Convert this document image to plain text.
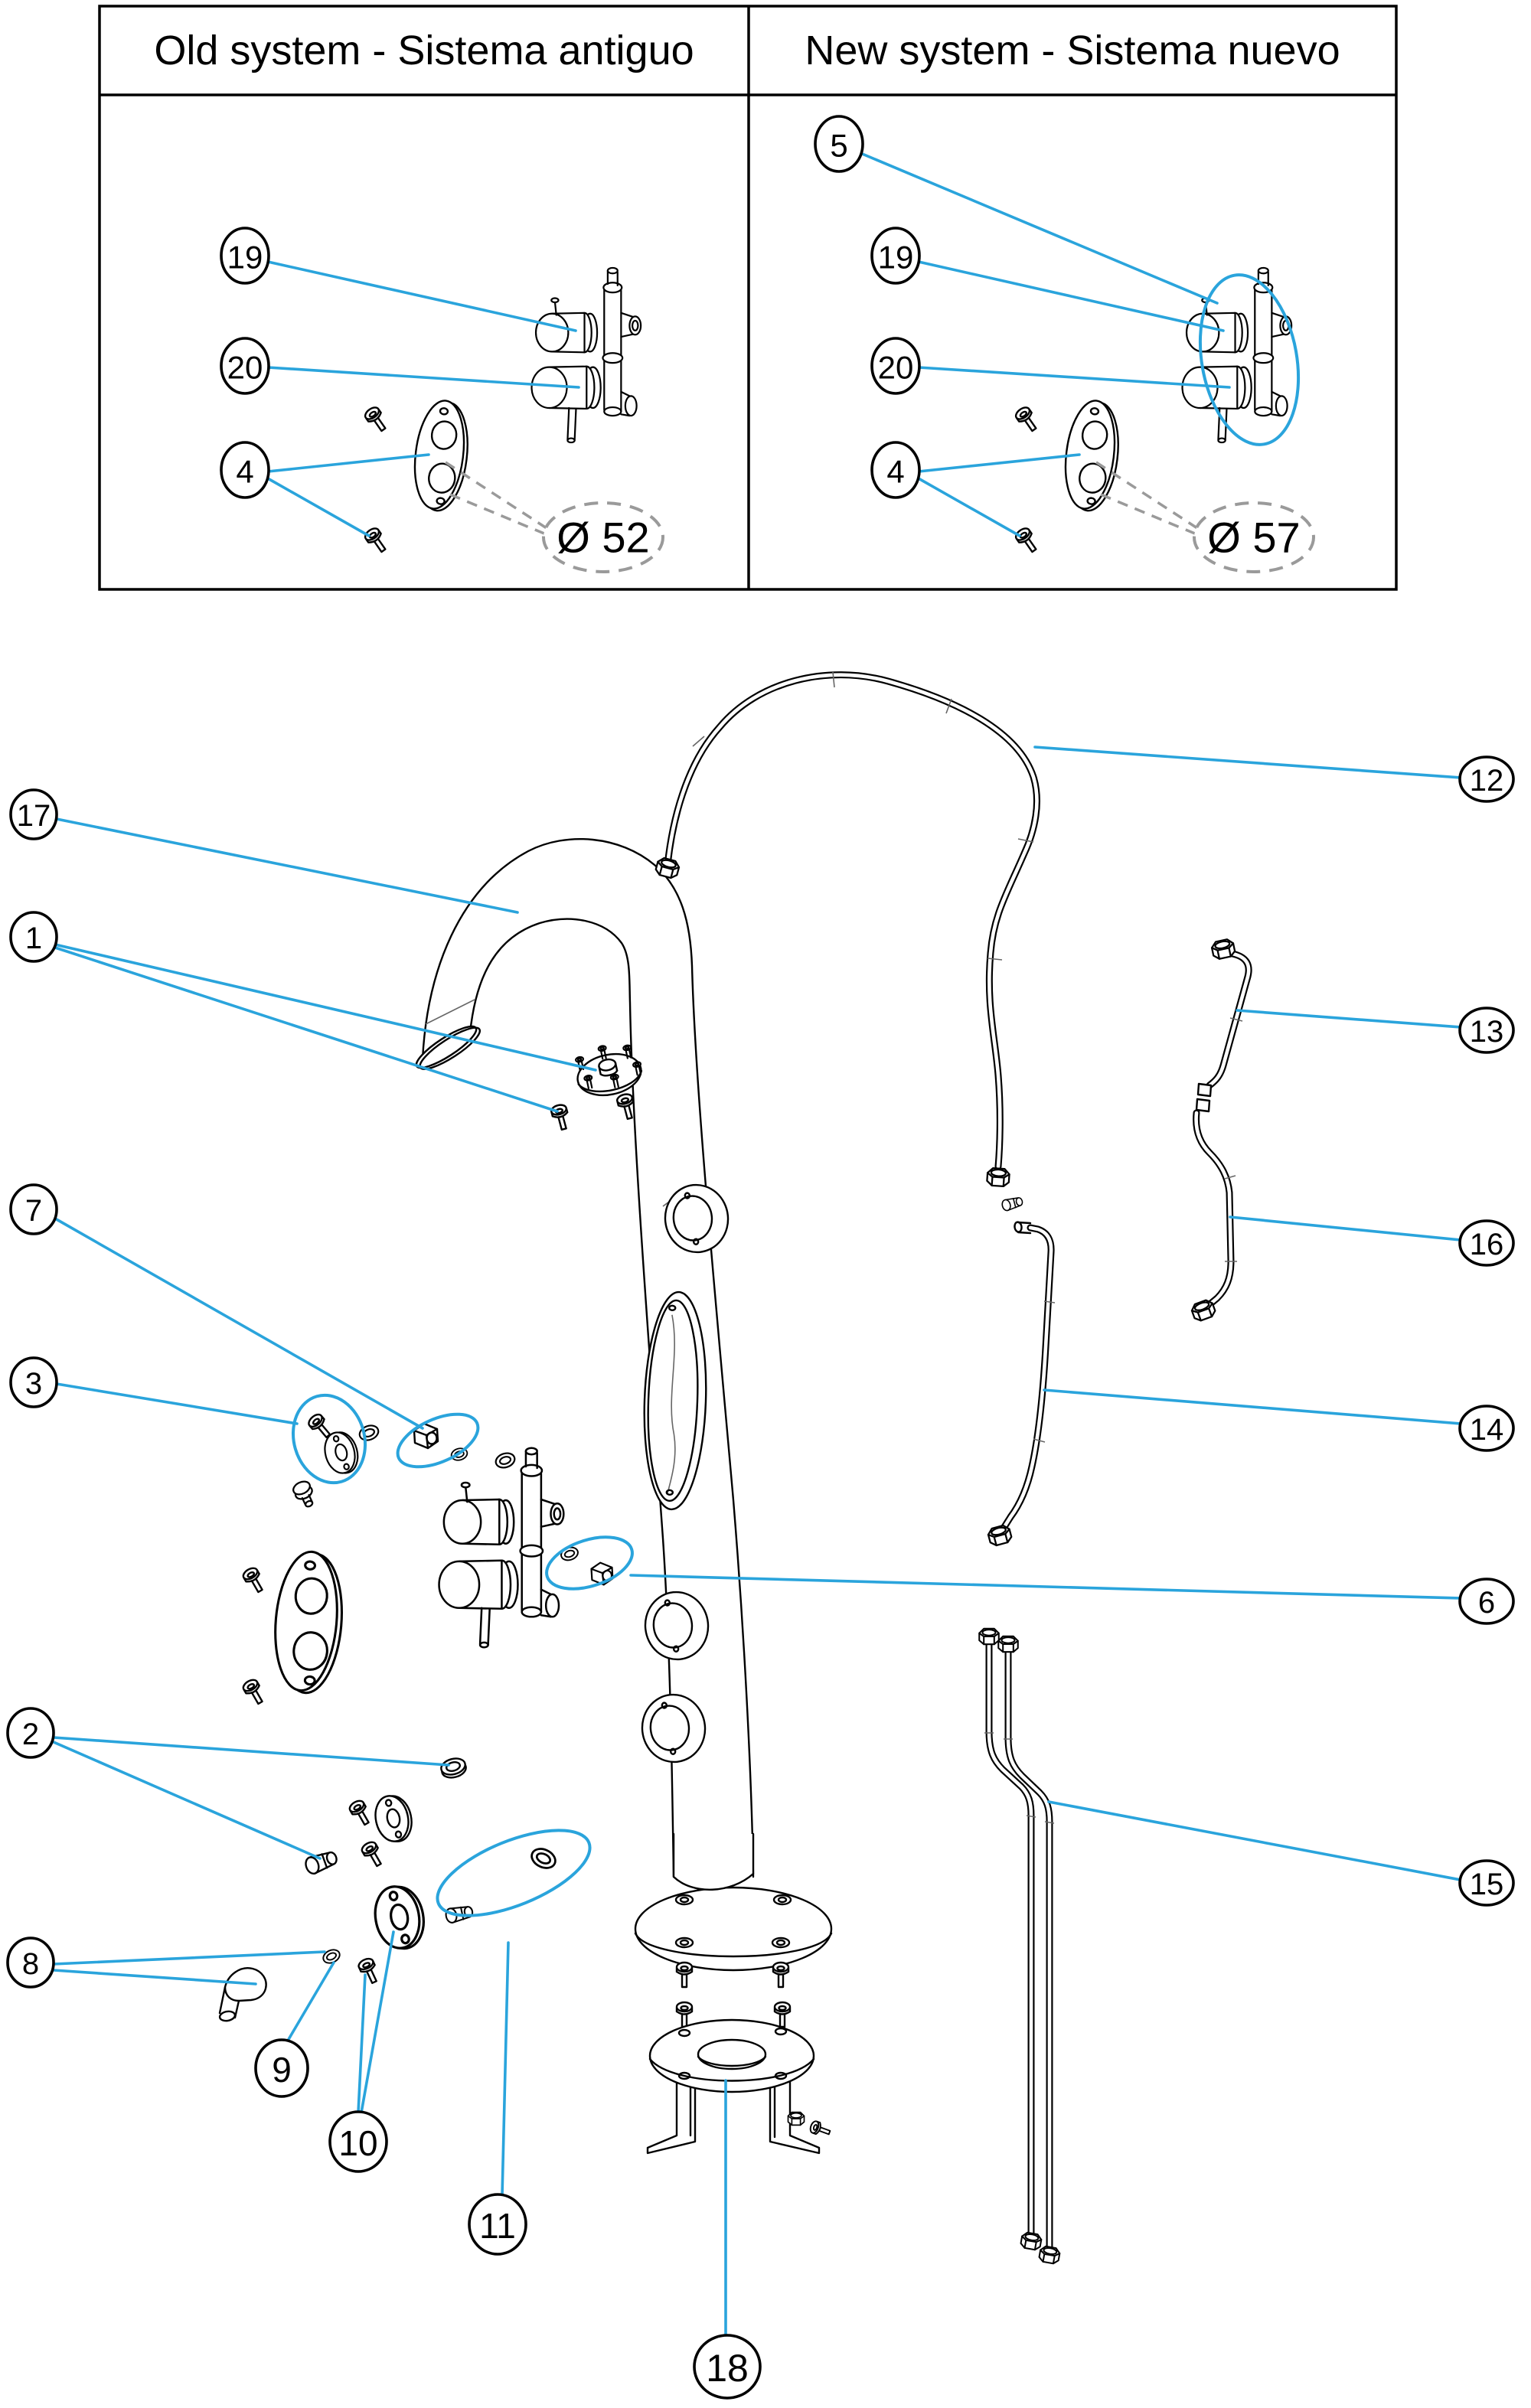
Old system - Sistema antiguo	New system - Sistema nuevo
Ø 52	Ø 57
19
20
4
5
19
20
4
17
1
7
3
2
8
9
10
11
18
12
13
16
14
6
15
